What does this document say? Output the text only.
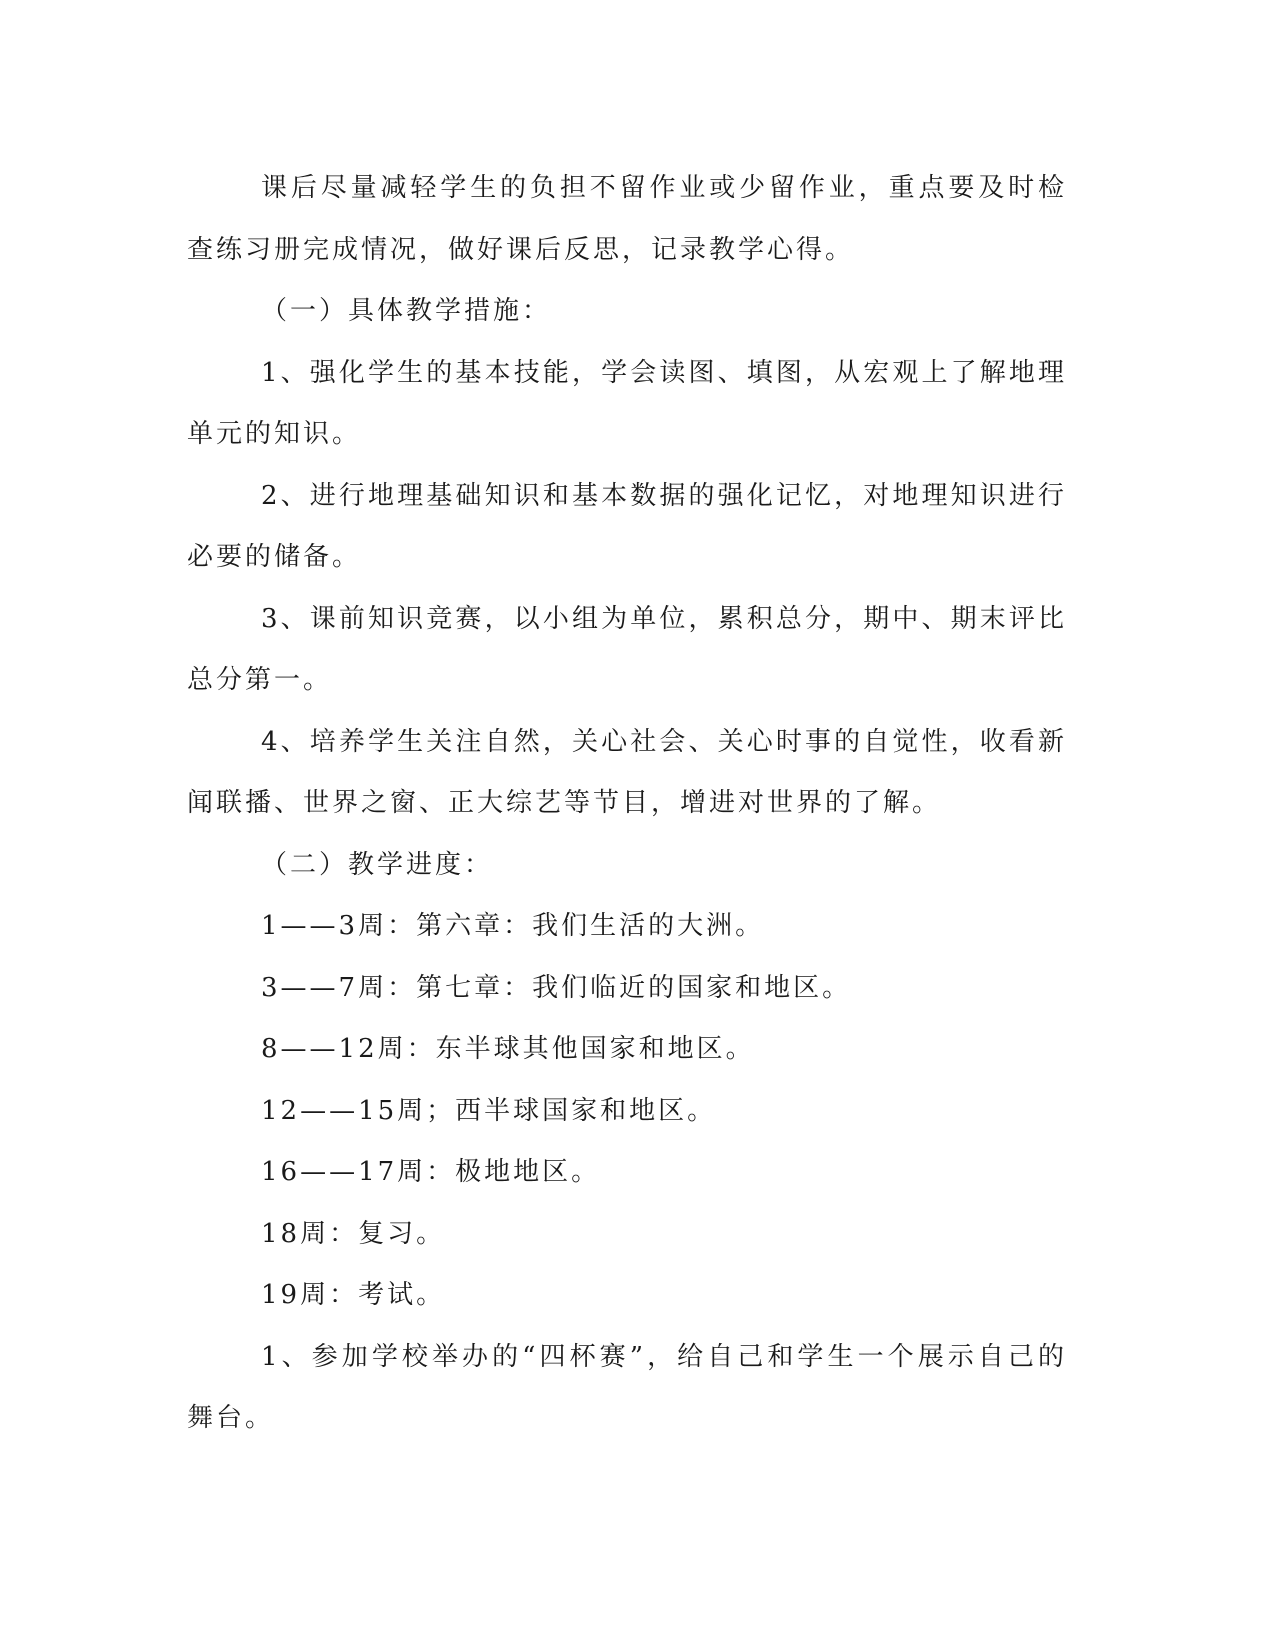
课后尽量减轻学生的负担不留作业或少留作业，重点要及时检查练习册完成情况，做好课后反思，记录教学心得。

（一）具体教学措施：

1、强化学生的基本技能，学会读图、填图，从宏观上了解地理单元的知识。

2、进行地理基础知识和基本数据的强化记忆，对地理知识进行必要的储备。

3、课前知识竞赛，以小组为单位，累积总分，期中、期末评比总分第一。

4、培养学生关注自然，关心社会、关心时事的自觉性，收看新闻联播、世界之窗、正大综艺等节目，增进对世界的了解。

（二）教学进度：

1——3周：第六章：我们生活的大洲。

3——7周：第七章：我们临近的国家和地区。

8——12周：东半球其他国家和地区。

12——15周；西半球国家和地区。

16——17周：极地地区。

18周：复习。

19周：考试。

1、参加学校举办的“四杯赛”，给自己和学生一个展示自己的舞台。
